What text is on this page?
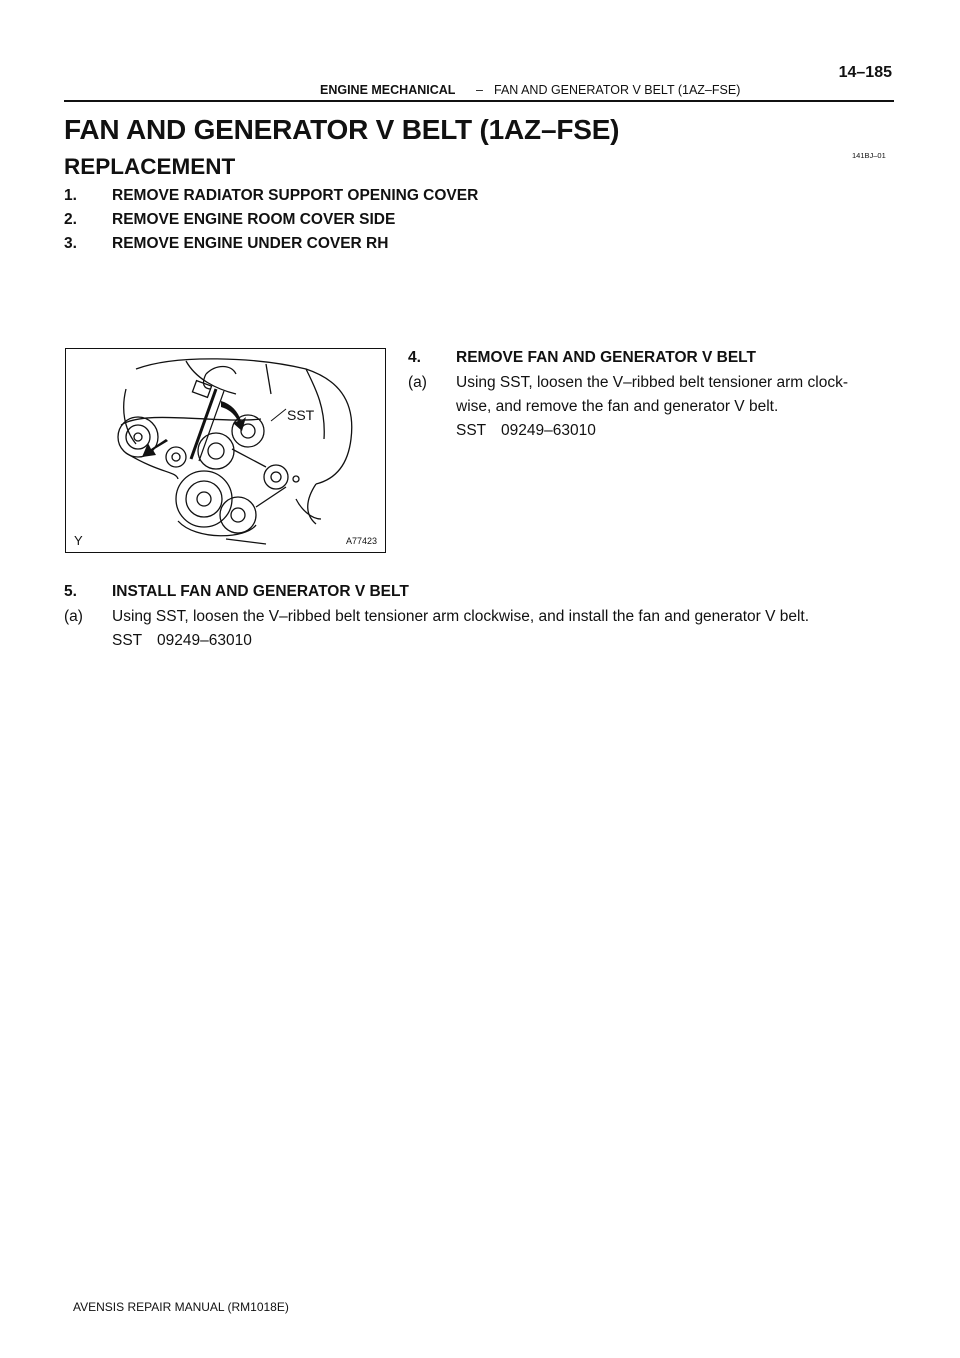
ENGINE MECHANICAL – FAN AND GENERATOR V BELT (1AZ–FSE)
14–185
FAN AND GENERATOR V BELT (1AZ–FSE)
141BJ–01
REPLACEMENT
1. REMOVE RADIATOR SUPPORT OPENING COVER
2. REMOVE ENGINE ROOM COVER SIDE
3. REMOVE ENGINE UNDER COVER RH
SST
A77423
Y
4. REMOVE FAN AND GENERATOR V BELT
(a) Using SST, loosen the V–ribbed belt tensioner arm clock-
wise, and remove the fan and generator V belt.
SST 09249–63010
5. INSTALL FAN AND GENERATOR V BELT
(a) Using SST, loosen the V–ribbed belt tensioner arm clockwise, and install the fan and generator V belt.
SST 09249–63010
AVENSIS REPAIR MANUAL (RM1018E)
